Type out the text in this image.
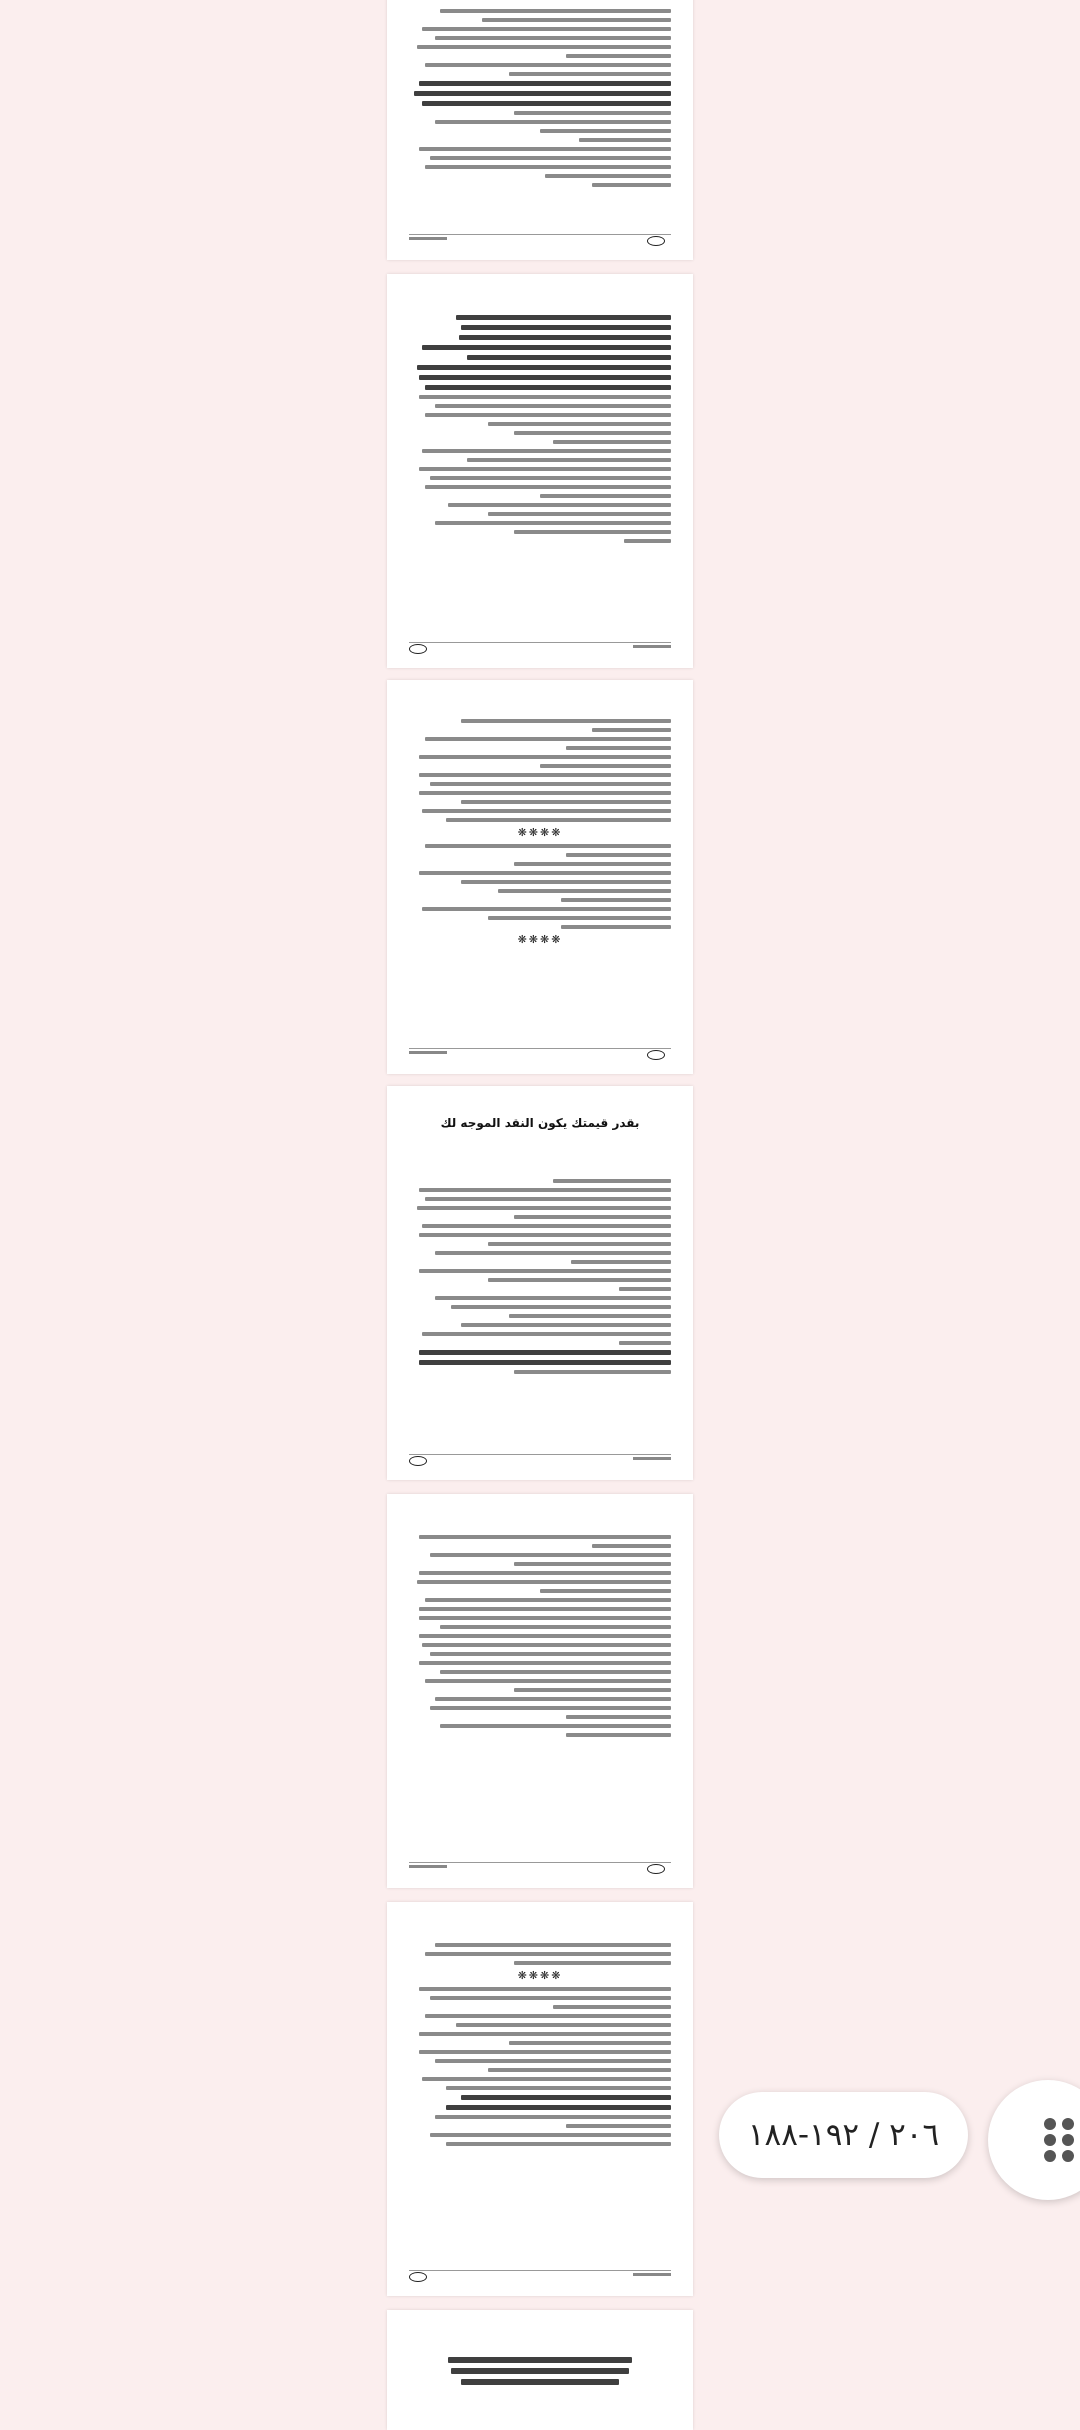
❋❋❋❋
❋❋❋❋
بقدر قيمتك يكون النقد الموجه لك
❋❋❋❋
٢٠٦ / ١٩٢-١٨٨
